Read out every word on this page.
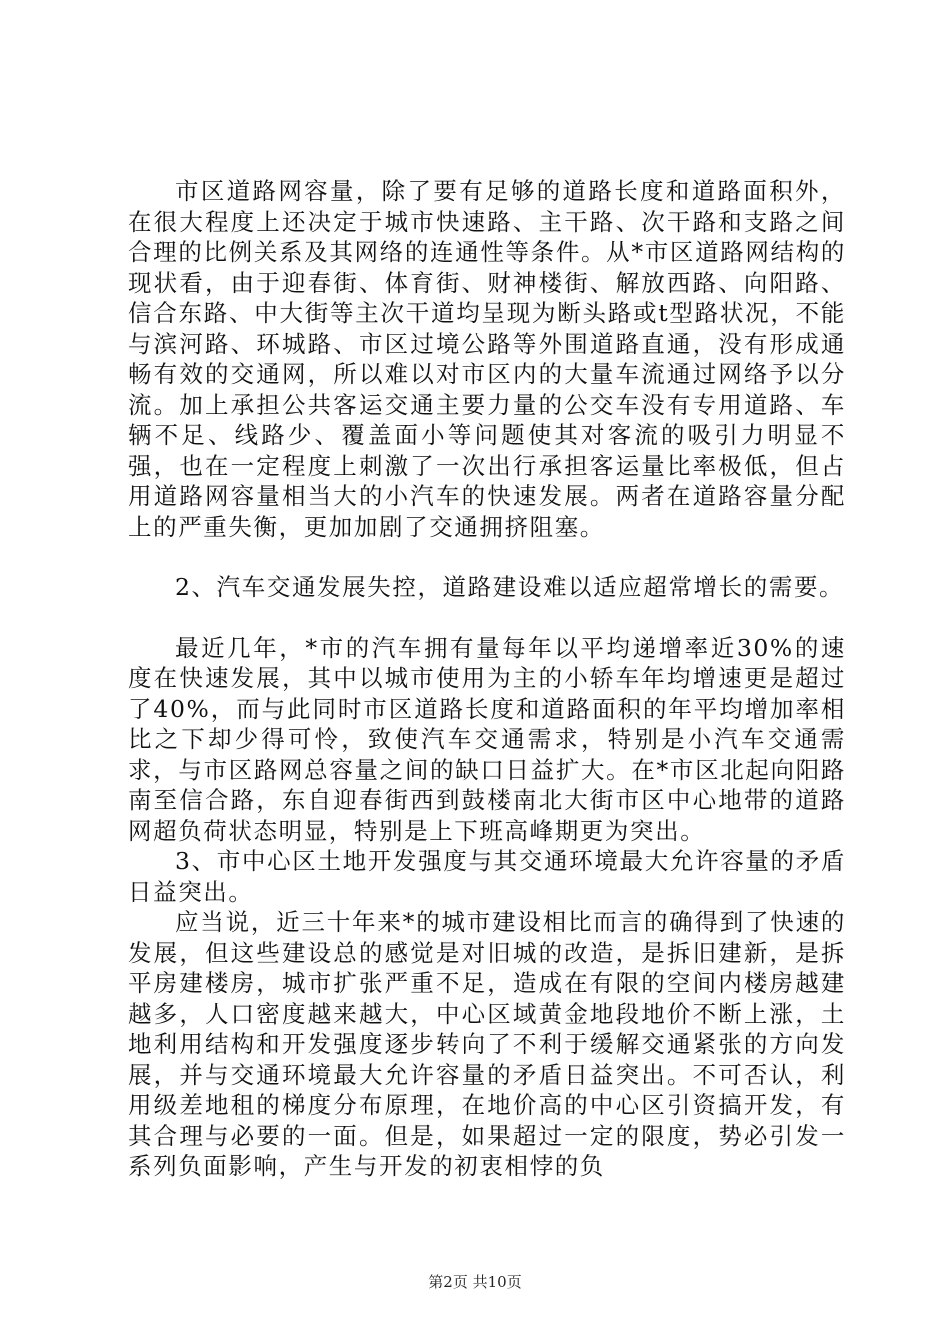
市区道路网容量，除了要有足够的道路长度和道路面积外，在很大程度上还决定于城市快速路、主干路、次干路和支路之间合理的比例关系及其网络的连通性等条件。从*市区道路网结构的现状看，由于迎春街、体育街、财神楼街、解放西路、向阳路、信合东路、中大街等主次干道均呈现为断头路或t型路状况，不能与滨河路、环城路、市区过境公路等外围道路直通，没有形成通畅有效的交通网，所以难以对市区内的大量车流通过网络予以分流。加上承担公共客运交通主要力量的公交车没有专用道路、车辆不足、线路少、覆盖面小等问题使其对客流的吸引力明显不强，也在一定程度上刺激了一次出行承担客运量比率极低，但占用道路网容量相当大的小汽车的快速发展。两者在道路容量分配上的严重失衡，更加加剧了交通拥挤阻塞。

2、汽车交通发展失控，道路建设难以适应超常增长的需要。

最近几年，*市的汽车拥有量每年以平均递增率近30%的速度在快速发展，其中以城市使用为主的小轿车年均增速更是超过了40%，而与此同时市区道路长度和道路面积的年平均增加率相比之下却少得可怜，致使汽车交通需求，特别是小汽车交通需求，与市区路网总容量之间的缺口日益扩大。在*市区北起向阳路南至信合路，东自迎春街西到鼓楼南北大街市区中心地带的道路网超负荷状态明显，特别是上下班高峰期更为突出。

3、市中心区土地开发强度与其交通环境最大允许容量的矛盾日益突出。

应当说，近三十年来*的城市建设相比而言的确得到了快速的发展，但这些建设总的感觉是对旧城的改造，是拆旧建新，是拆平房建楼房，城市扩张严重不足，造成在有限的空间内楼房越建越多，人口密度越来越大，中心区域黄金地段地价不断上涨，土地利用结构和开发强度逐步转向了不利于缓解交通紧张的方向发展，并与交通环境最大允许容量的矛盾日益突出。不可否认，利用级差地租的梯度分布原理，在地价高的中心区引资搞开发，有其合理与必要的一面。但是，如果超过一定的限度，势必引发一系列负面影响，产生与开发的初衷相悖的负

第2页 共10页
